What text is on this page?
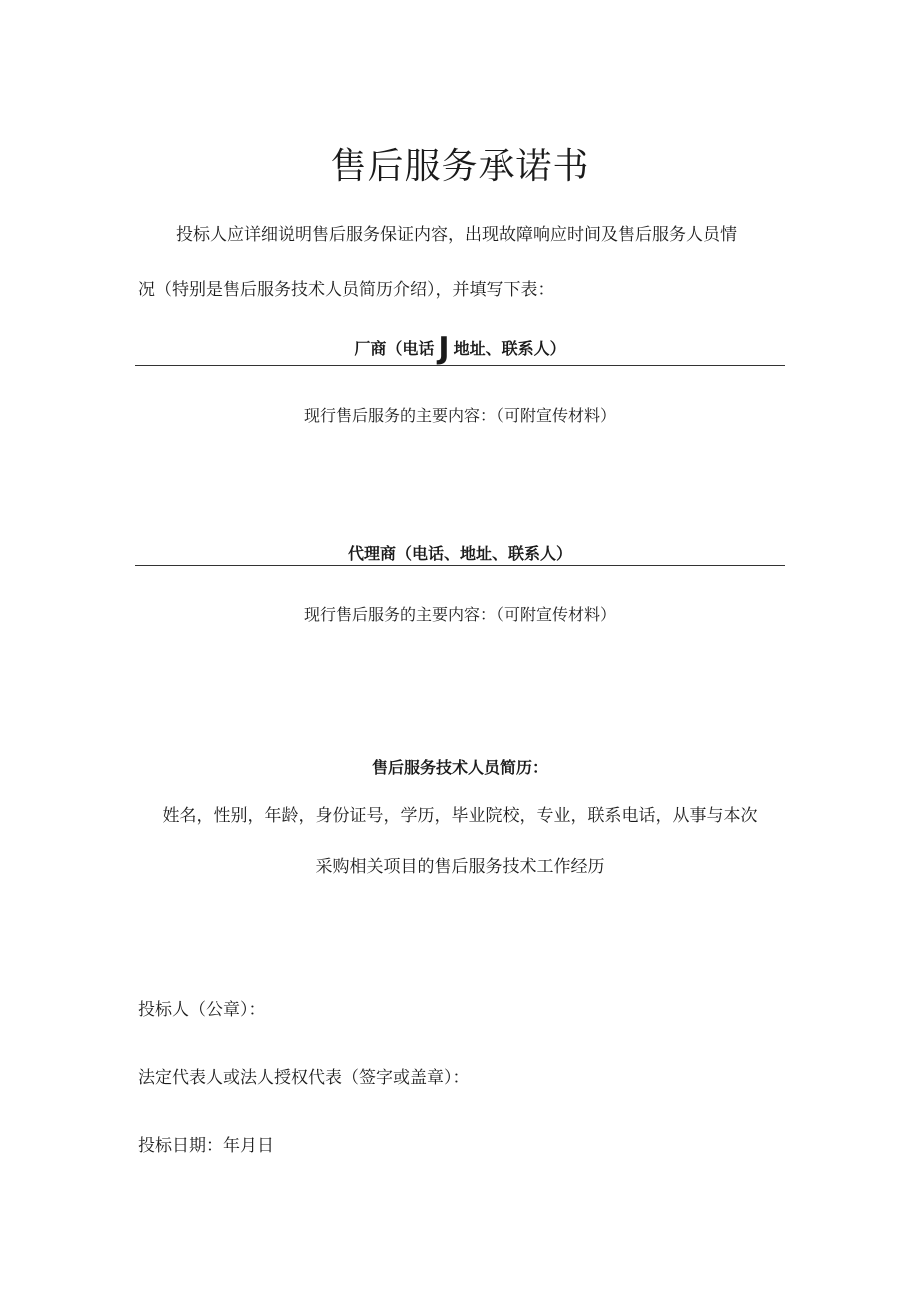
售后服务承诺书
投标人应详细说明售后服务保证内容，出现故障响应时间及售后服务人员情
况（特别是售后服务技术人员简历介绍），并填写下表：
厂商（电话 J 地址、联系人）
现行售后服务的主要内容：（可附宣传材料）
代理商（电话、地址、联系人）
现行售后服务的主要内容：（可附宣传材料）
售后服务技术人员简历：
姓名，性别，年龄，身份证号，学历，毕业院校，专业，联系电话，从事与本次
采购相关项目的售后服务技术工作经历
投标人（公章）：
法定代表人或法人授权代表（签字或盖章）：
投标日期：年月日
